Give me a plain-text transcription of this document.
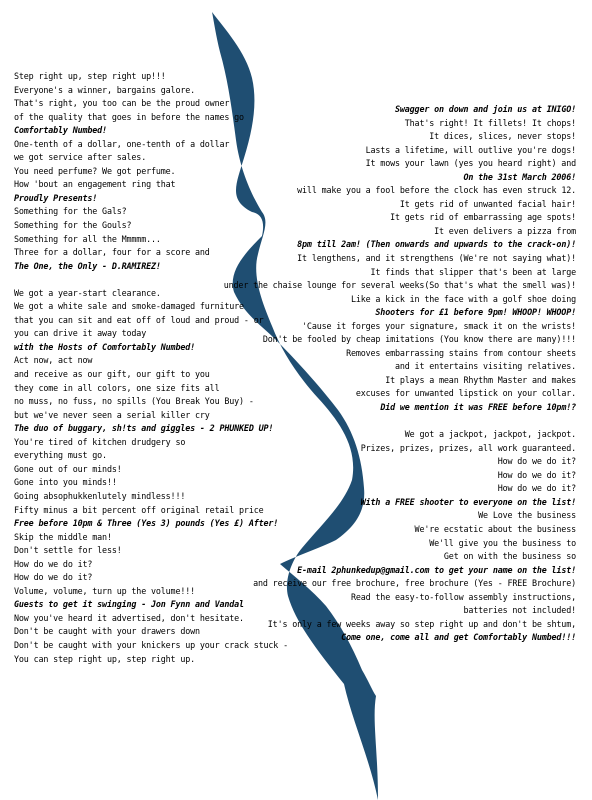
Step right up, step right up!!!
Everyone's a winner, bargains galore.
That's right, you too can be the proud owner
of the quality that goes in before the names go
Comfortably Numbed!
One-tenth of a dollar, one-tenth of a dollar
we got service after sales.
You need perfume? We got perfume.
How 'bout an engagement ring that
Proudly Presents!
Something for the Gals?
Something for the Gouls?
Something for all the Mmmmm...
Three for a dollar, four for a score and
The One, the Only - D.RAMIREZ!
We got a year-start clearance.
We got a white sale and smoke-damaged furniture
that you can sit and eat off of loud and proud - or
you can drive it away today
with the Hosts of Comfortably Numbed!
Act now, act now
and receive as our gift, our gift to you
they come in all colors, one size fits all
no muss, no fuss, no spills (You Break You Buy) -
but we've never seen a serial killer cry
The duo of buggary, sh!ts and giggles - 2 PHUNKED UP!
You're tired of kitchen drudgery so
everything must go.
Gone out of our minds!
Gone into you minds!!
Going absophukkenlutely mindless!!!
Fifty minus a bit percent off original retail price
Free before 10pm & Three (Yes 3) pounds (Yes £) After!
Skip the middle man!
Don't settle for less!
How do we do it?
How do we do it?
Volume, volume, turn up the volume!!!
Guests to get it swinging - Jon Fynn and Vandal
Now you've heard it advertised, don't hesitate.
Don't be caught with your drawers down
Don't be caught with your knickers up your crack stuck -
You can step right up, step right up.
Swagger on down and join us at INIGO!
That's right! It fillets! It chops!
It dices, slices, never stops!
Lasts a lifetime, will outlive you're dogs!
It mows your lawn (yes you heard right) and
On the 31st March 2006!
will make you a fool before the clock has even struck 12.
It gets rid of unwanted facial hair!
It gets rid of embarrassing age spots!
It even delivers a pizza from
8pm till 2am! (Then onwards and upwards to the crack-on)!
It lengthens, and it strengthens (We're not saying what)!
It finds that slipper that's been at large
under the chaise lounge for several weeks(So that's what the smell was)!
Like a kick in the face with a golf shoe doing
Shooters for £1 before 9pm! WHOOP! WHOOP!
'Cause it forges your signature, smack it on the wrists!
Don't be fooled by cheap imitations (You know there are many)!!!
Removes embarrassing stains from contour sheets
and it entertains visiting relatives.
It plays a mean Rhythm Master and makes
excuses for unwanted lipstick on your collar.
Did we mention it was FREE before 10pm!?
We got a jackpot, jackpot, jackpot.
Prizes, prizes, prizes, all work guaranteed.
How do we do it?
How do we do it?
How do we do it?
With a FREE shooter to everyone on the list!
We Love the business
We're ecstatic about the business
We'll give you the business to
Get on with the business so
E-mail 2phunkedup@gmail.com to get your name on the list!
and receive our free brochure, free brochure (Yes - FREE Brochure)
Read the easy-to-follow assembly instructions,
batteries not included!
It's only a few weeks away so step right up and don't be shtum,
Come one, come all and get Comfortably Numbed!!!
